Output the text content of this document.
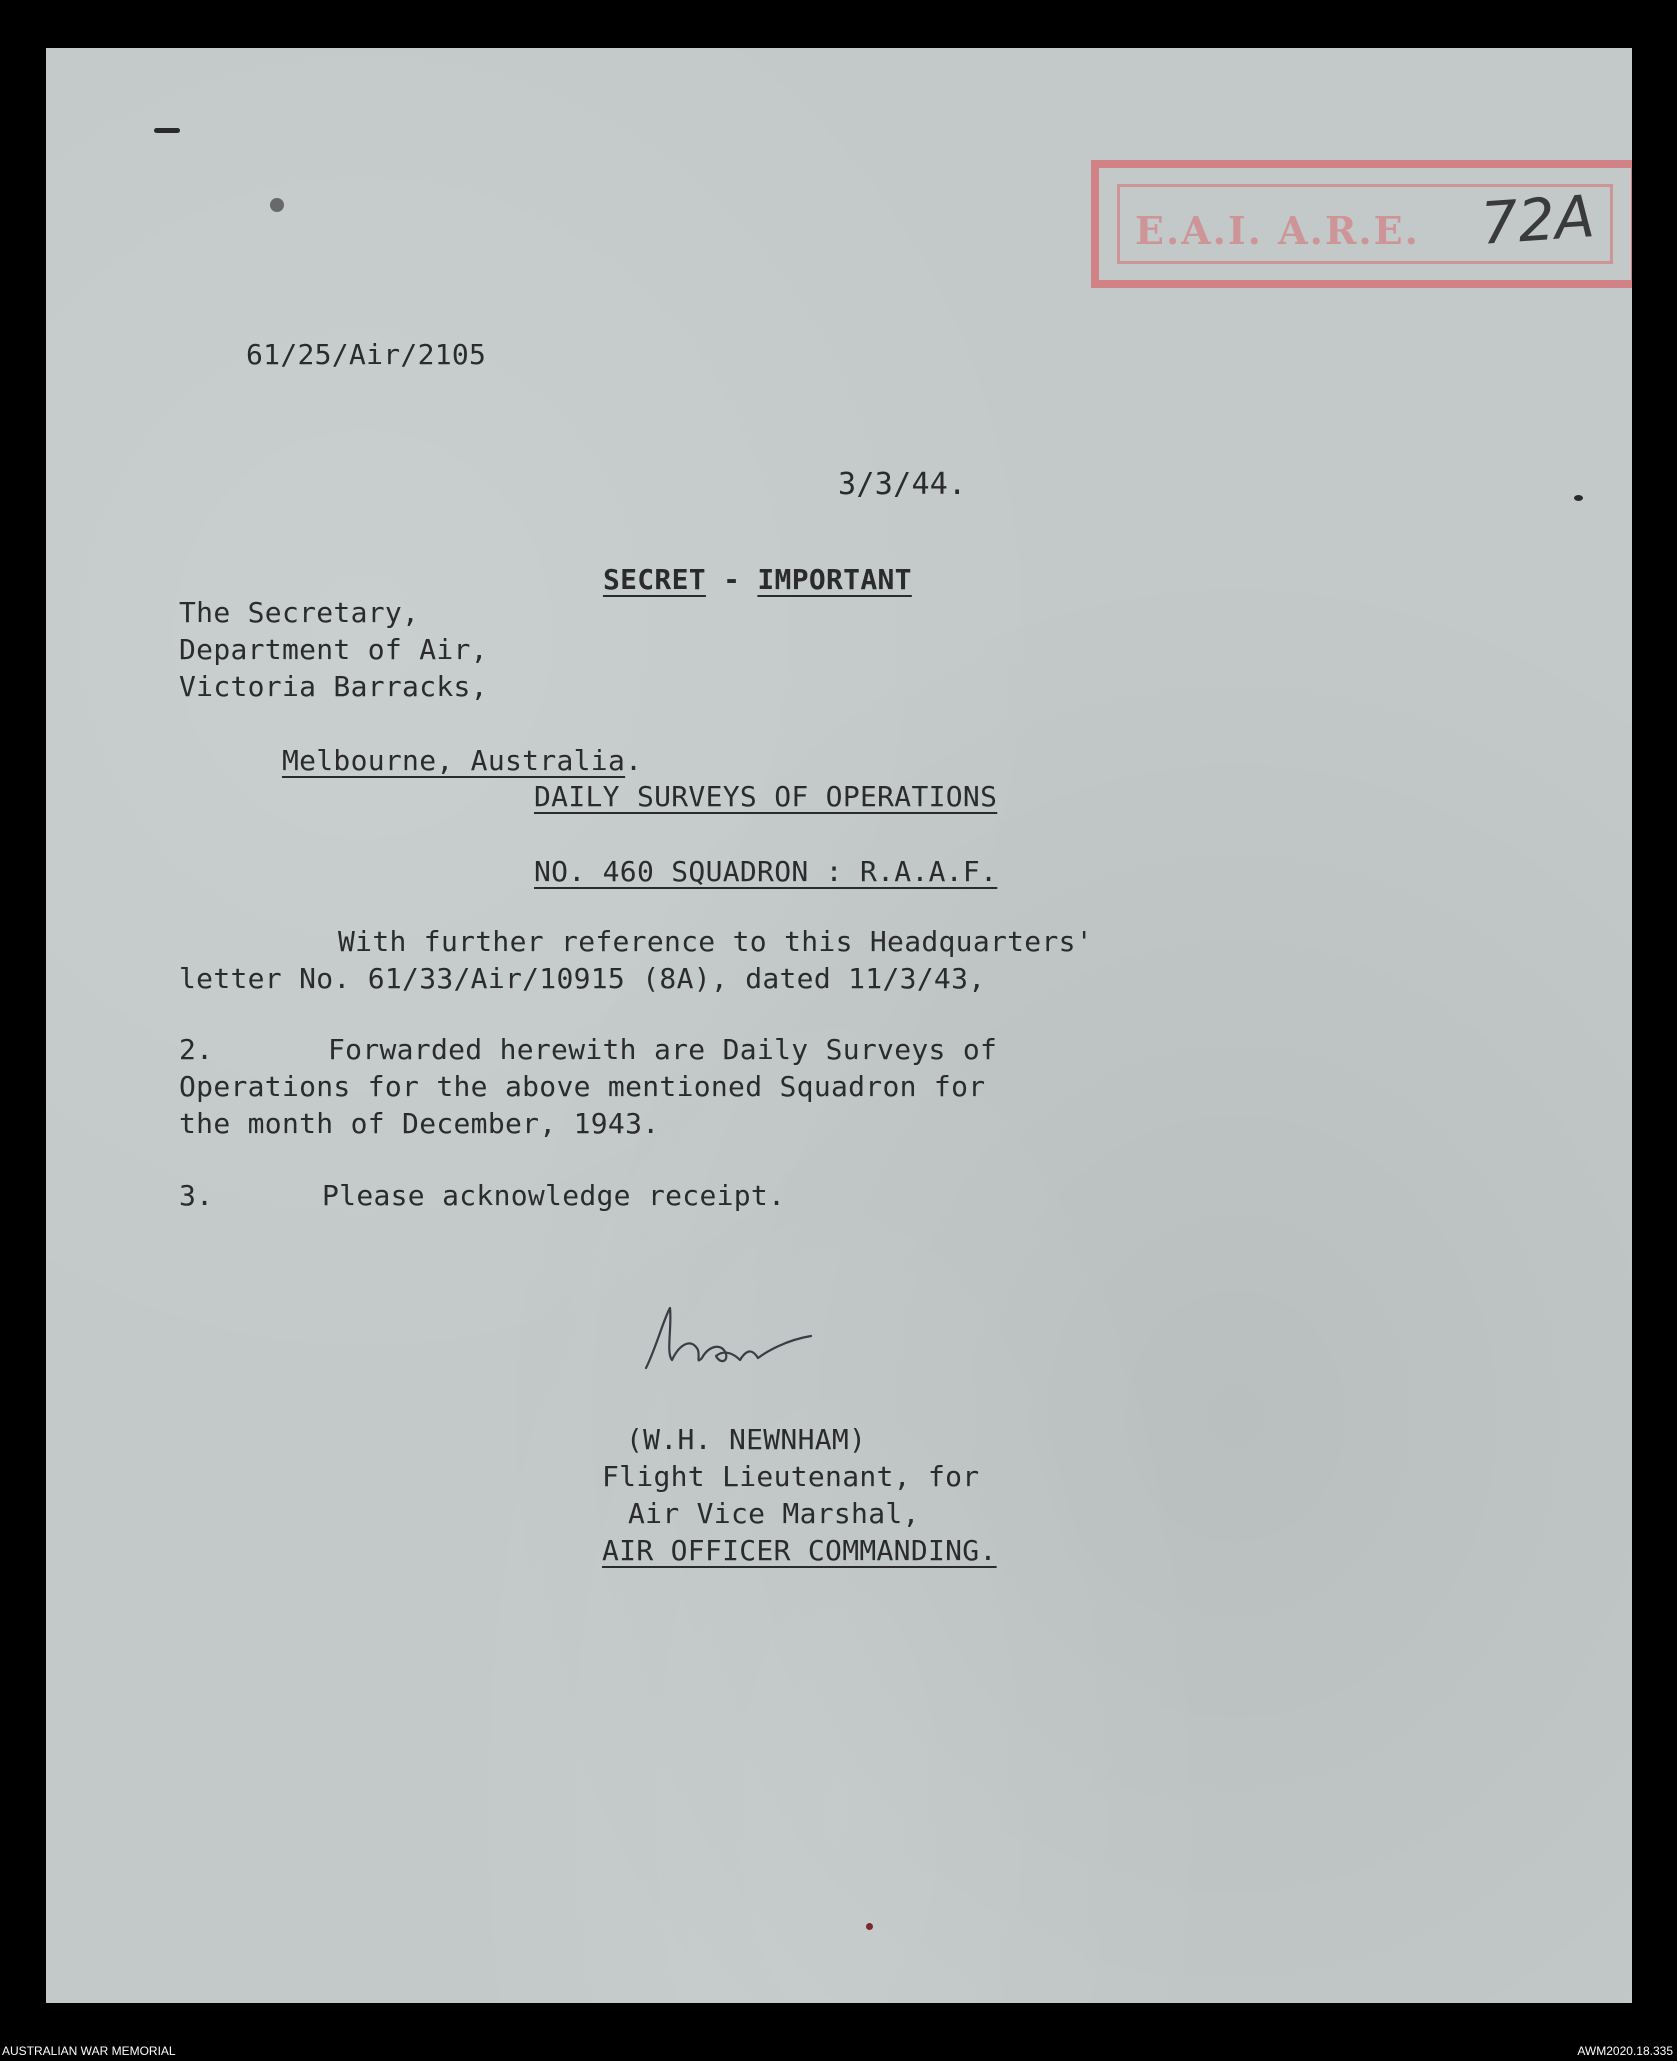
E.A.I. A.R.E. 72A
61/25/Air/2105
3/3/44.

SECRET - IMPORTANT

The Secretary,
Department of Air,
Victoria Barracks,

Melbourne, Australia.

DAILY SURVEYS OF OPERATIONS
NO. 460 SQUADRON : R.A.A.F.
With further reference to this Headquarters'
letter No. 61/33/Air/10915 (8A), dated 11/3/43,
2.	Forwarded herewith are Daily Surveys of
Operations for the above mentioned Squadron for
the month of December, 1943.
3.	Please acknowledge receipt.
(W.H. NEWNHAM)
Flight Lieutenant, for
Air Vice Marshal,
AIR OFFICER COMMANDING.
AUSTRALIAN WAR MEMORIAL	AWM2020.18.335
